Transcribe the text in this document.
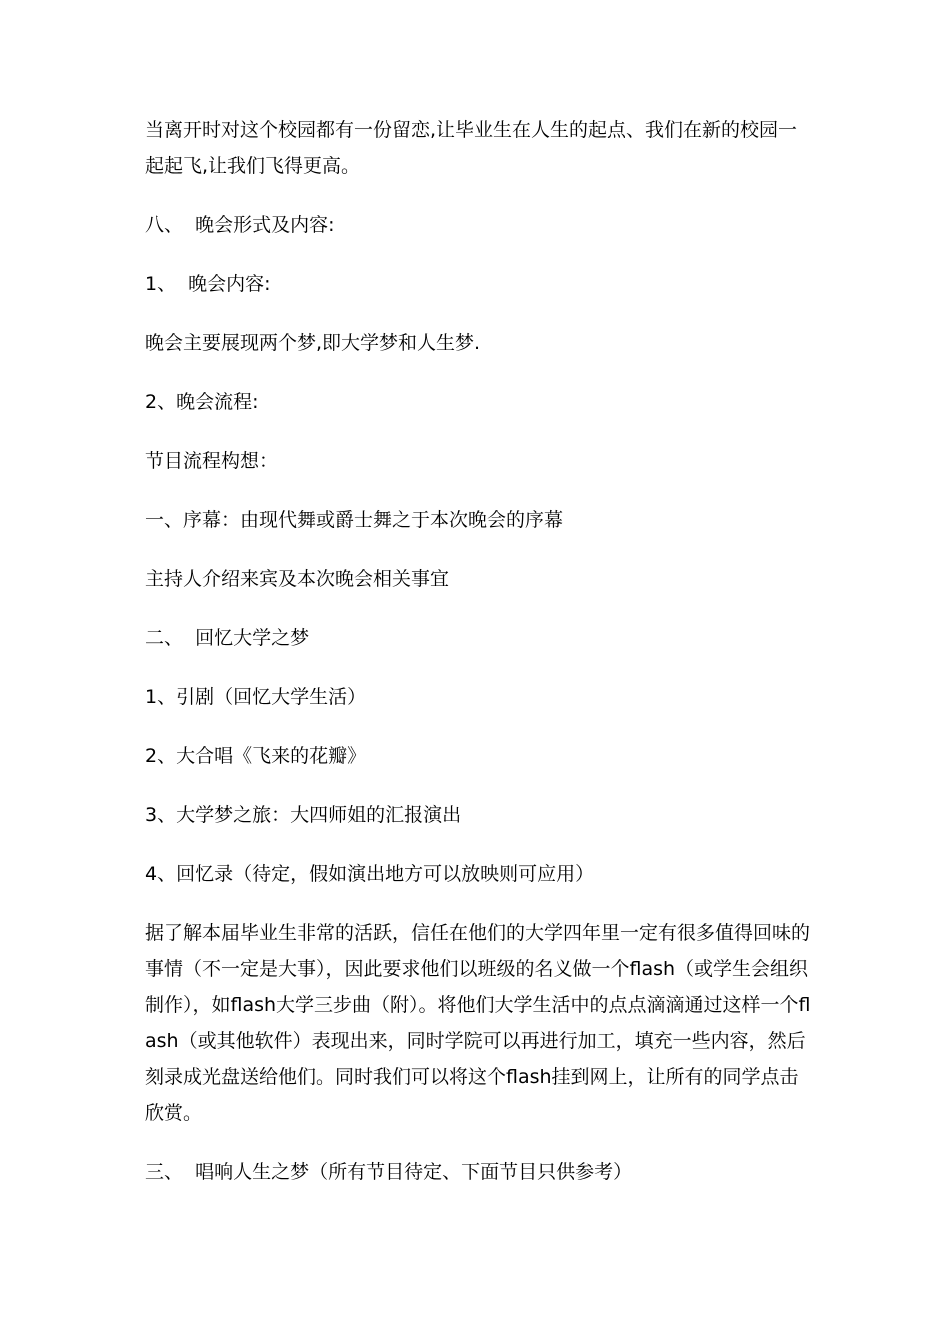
当离开时对这个校园都有一份留恋,让毕业生在人生的起点、我们在新的校园一起起飞,让我们飞得更高。

八、  晚会形式及内容:

1、  晚会内容:

晚会主要展现两个梦,即大学梦和人生梦.

2、晚会流程:

节目流程构想：

一、序幕：由现代舞或爵士舞之于本次晚会的序幕

主持人介绍来宾及本次晚会相关事宜

二、  回忆大学之梦

1、引剧（回忆大学生活）

2、大合唱《飞来的花瓣》

3、大学梦之旅：大四师姐的汇报演出

4、回忆录（待定，假如演出地方可以放映则可应用）

据了解本届毕业生非常的活跃，信任在他们的大学四年里一定有很多值得回味的事情（不一定是大事），因此要求他们以班级的名义做一个flash（或学生会组织制作），如flash大学三步曲（附）。将他们大学生活中的点点滴滴通过这样一个flash（或其他软件）表现出来，同时学院可以再进行加工，填充一些内容，然后刻录成光盘送给他们。同时我们可以将这个flash挂到网上，让所有的同学点击欣赏。

三、  唱响人生之梦（所有节目待定、下面节目只供参考）
